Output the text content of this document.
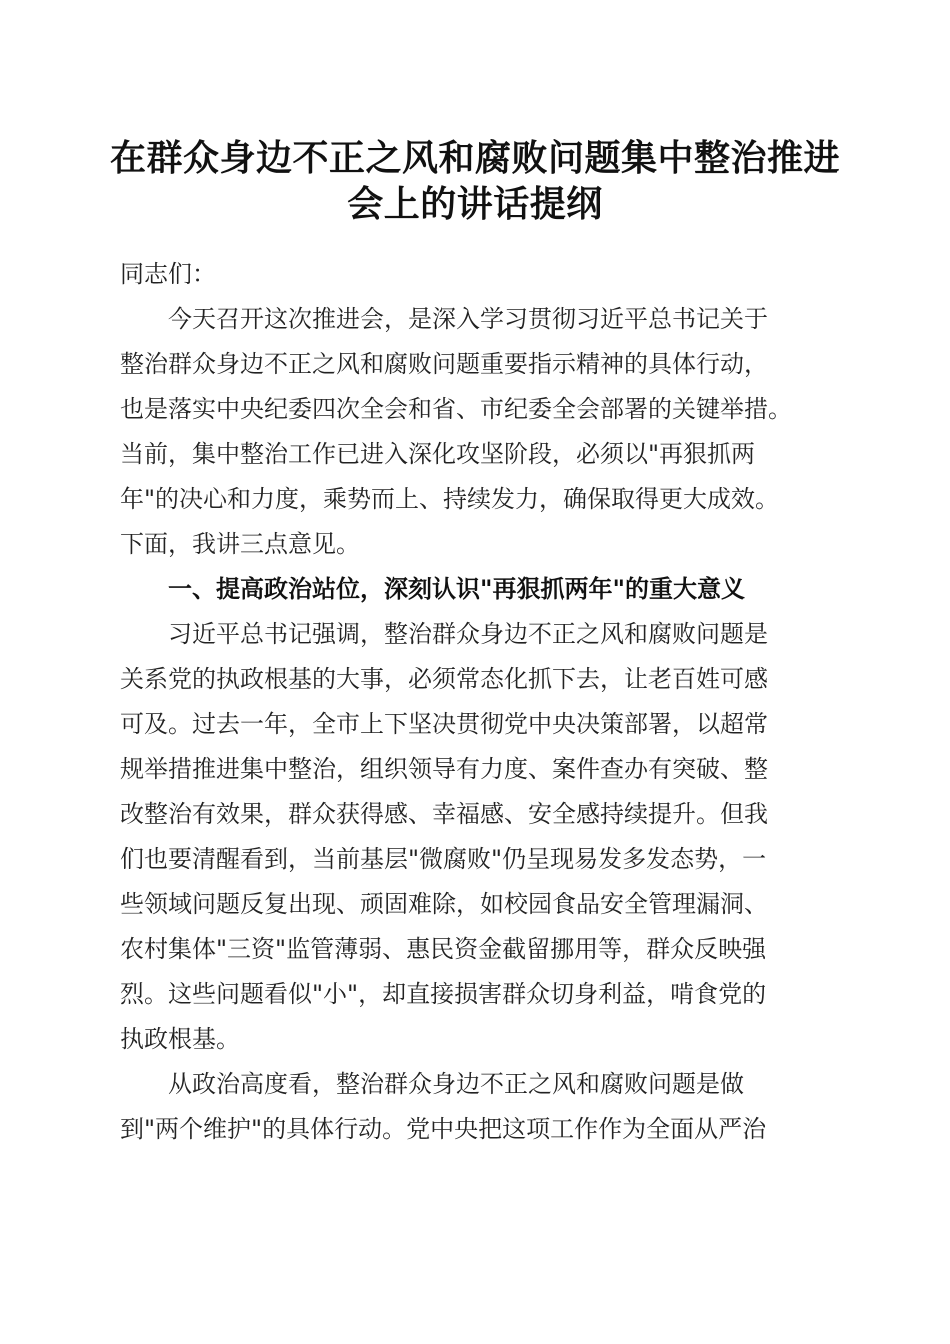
在群众身边不正之风和腐败问题集中整治推进
会上的讲话提纲
同志们：
今天召开这次推进会，是深入学习贯彻习近平总书记关于
整治群众身边不正之风和腐败问题重要指示精神的具体行动，
也是落实中央纪委四次全会和省、市纪委全会部署的关键举措。
当前，集中整治工作已进入深化攻坚阶段，必须以"再狠抓两
年"的决心和力度，乘势而上、持续发力，确保取得更大成效。
下面，我讲三点意见。
一、提高政治站位，深刻认识"再狠抓两年"的重大意义
习近平总书记强调，整治群众身边不正之风和腐败问题是
关系党的执政根基的大事，必须常态化抓下去，让老百姓可感
可及。过去一年，全市上下坚决贯彻党中央决策部署，以超常
规举措推进集中整治，组织领导有力度、案件查办有突破、整
改整治有效果，群众获得感、幸福感、安全感持续提升。但我
们也要清醒看到，当前基层"微腐败"仍呈现易发多发态势，一
些领域问题反复出现、顽固难除，如校园食品安全管理漏洞、
农村集体"三资"监管薄弱、惠民资金截留挪用等，群众反映强
烈。这些问题看似"小"，却直接损害群众切身利益，啃食党的
执政根基。
从政治高度看，整治群众身边不正之风和腐败问题是做
到"两个维护"的具体行动。党中央把这项工作作为全面从严治
